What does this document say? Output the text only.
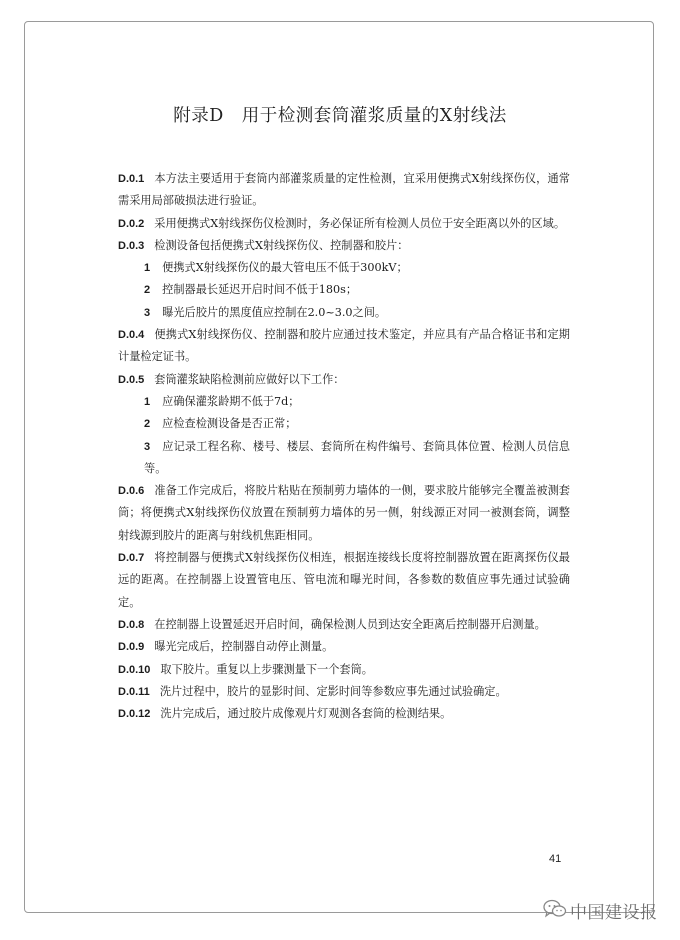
附录D　用于检测套筒灌浆质量的X射线法

D.0.1 本方法主要适用于套筒内部灌浆质量的定性检测，宜采用便携式X射线探伤仪，通常需采用局部破损法进行验证。

D.0.2 采用便携式X射线探伤仪检测时，务必保证所有检测人员位于安全距离以外的区域。

D.0.3 检测设备包括便携式X射线探伤仪、控制器和胶片：

1 便携式X射线探伤仪的最大管电压不低于300kV；

2 控制器最长延迟开启时间不低于180s；

3 曝光后胶片的黑度值应控制在2.0~3.0之间。

D.0.4 便携式X射线探伤仪、控制器和胶片应通过技术鉴定，并应具有产品合格证书和定期计量检定证书。

D.0.5 套筒灌浆缺陷检测前应做好以下工作：

1 应确保灌浆龄期不低于7d；

2 应检查检测设备是否正常；

3 应记录工程名称、楼号、楼层、套筒所在构件编号、套筒具体位置、检测人员信息等。

D.0.6 准备工作完成后，将胶片粘贴在预制剪力墙体的一侧，要求胶片能够完全覆盖被测套筒；将便携式X射线探伤仪放置在预制剪力墙体的另一侧，射线源正对同一被测套筒，调整射线源到胶片的距离与射线机焦距相同。

D.0.7 将控制器与便携式X射线探伤仪相连，根据连接线长度将控制器放置在距离探伤仪最远的距离。在控制器上设置管电压、管电流和曝光时间，各参数的数值应事先通过试验确定。

D.0.8 在控制器上设置延迟开启时间，确保检测人员到达安全距离后控制器开启测量。

D.0.9 曝光完成后，控制器自动停止测量。

D.0.10 取下胶片。重复以上步骤测量下一个套筒。

D.0.11 洗片过程中，胶片的显影时间、定影时间等参数应事先通过试验确定。

D.0.12 洗片完成后，通过胶片成像观片灯观测各套筒的检测结果。

41
中国建设报
